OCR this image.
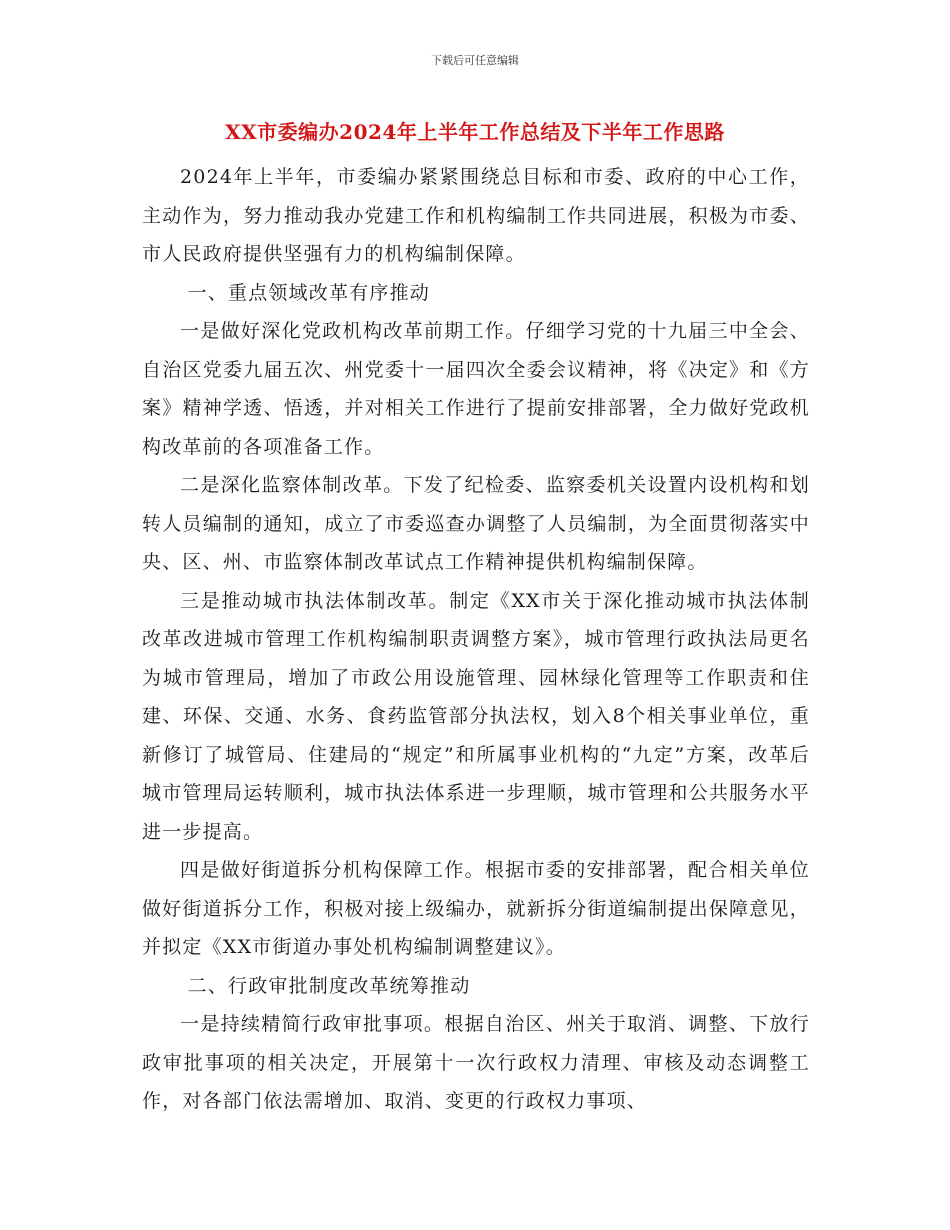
下载后可任意编辑
XX市委编办2024年上半年工作总结及下半年工作思路

2024年上半年，市委编办紧紧围绕总目标和市委、政府的中心工作，主动作为，努力推动我办党建工作和机构编制工作共同进展，积极为市委、市人民政府提供坚强有力的机构编制保障。

一、重点领域改革有序推动

一是做好深化党政机构改革前期工作。仔细学习党的十九届三中全会、自治区党委九届五次、州党委十一届四次全委会议精神，将《决定》和《方案》精神学透、悟透，并对相关工作进行了提前安排部署，全力做好党政机构改革前的各项准备工作。

二是深化监察体制改革。下发了纪检委、监察委机关设置内设机构和划转人员编制的通知，成立了市委巡查办调整了人员编制，为全面贯彻落实中央、区、州、市监察体制改革试点工作精神提供机构编制保障。

三是推动城市执法体制改革。制定《XX市关于深化推动城市执法体制改革改进城市管理工作机构编制职责调整方案》，城市管理行政执法局更名为城市管理局，增加了市政公用设施管理、园林绿化管理等工作职责和住建、环保、交通、水务、食药监管部分执法权，划入8个相关事业单位，重新修订了城管局、住建局的“规定”和所属事业机构的“九定”方案，改革后城市管理局运转顺利，城市执法体系进一步理顺，城市管理和公共服务水平进一步提高。

四是做好街道拆分机构保障工作。根据市委的安排部署，配合相关单位做好街道拆分工作，积极对接上级编办，就新拆分街道编制提出保障意见，并拟定《XX市街道办事处机构编制调整建议》。

二、行政审批制度改革统筹推动

一是持续精简行政审批事项。根据自治区、州关于取消、调整、下放行政审批事项的相关决定，开展第十一次行政权力清理、审核及动态调整工作，对各部门依法需增加、取消、变更的行政权力事项、
